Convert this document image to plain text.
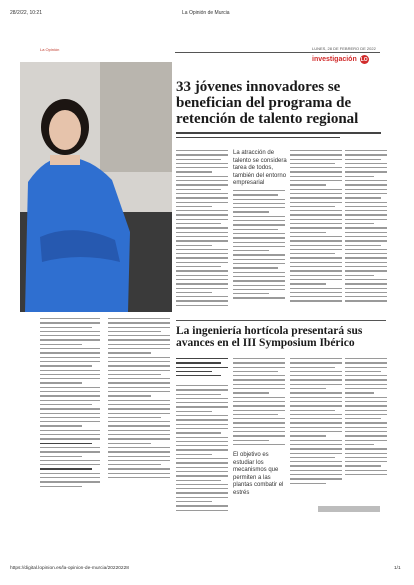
28/2/22, 10:21	La Opinión de Murcia
La Opinión	LUNES, 28 DE FEBRERO DE 2022
investigación LO
33 jóvenes innovadores se
benefician del programa de
retención de talento regional
La atracción de talento se considera tarea de todos, también del entorno empresarial
La ingeniería hortícola presentará sus
avances en el III Symposium Ibérico
El objetivo es estudiar los mecanismos que permiten a las plantas combatir el estrés
https://digital.lopinion.es/la-opinion-de-murcia/20220228	1/1
